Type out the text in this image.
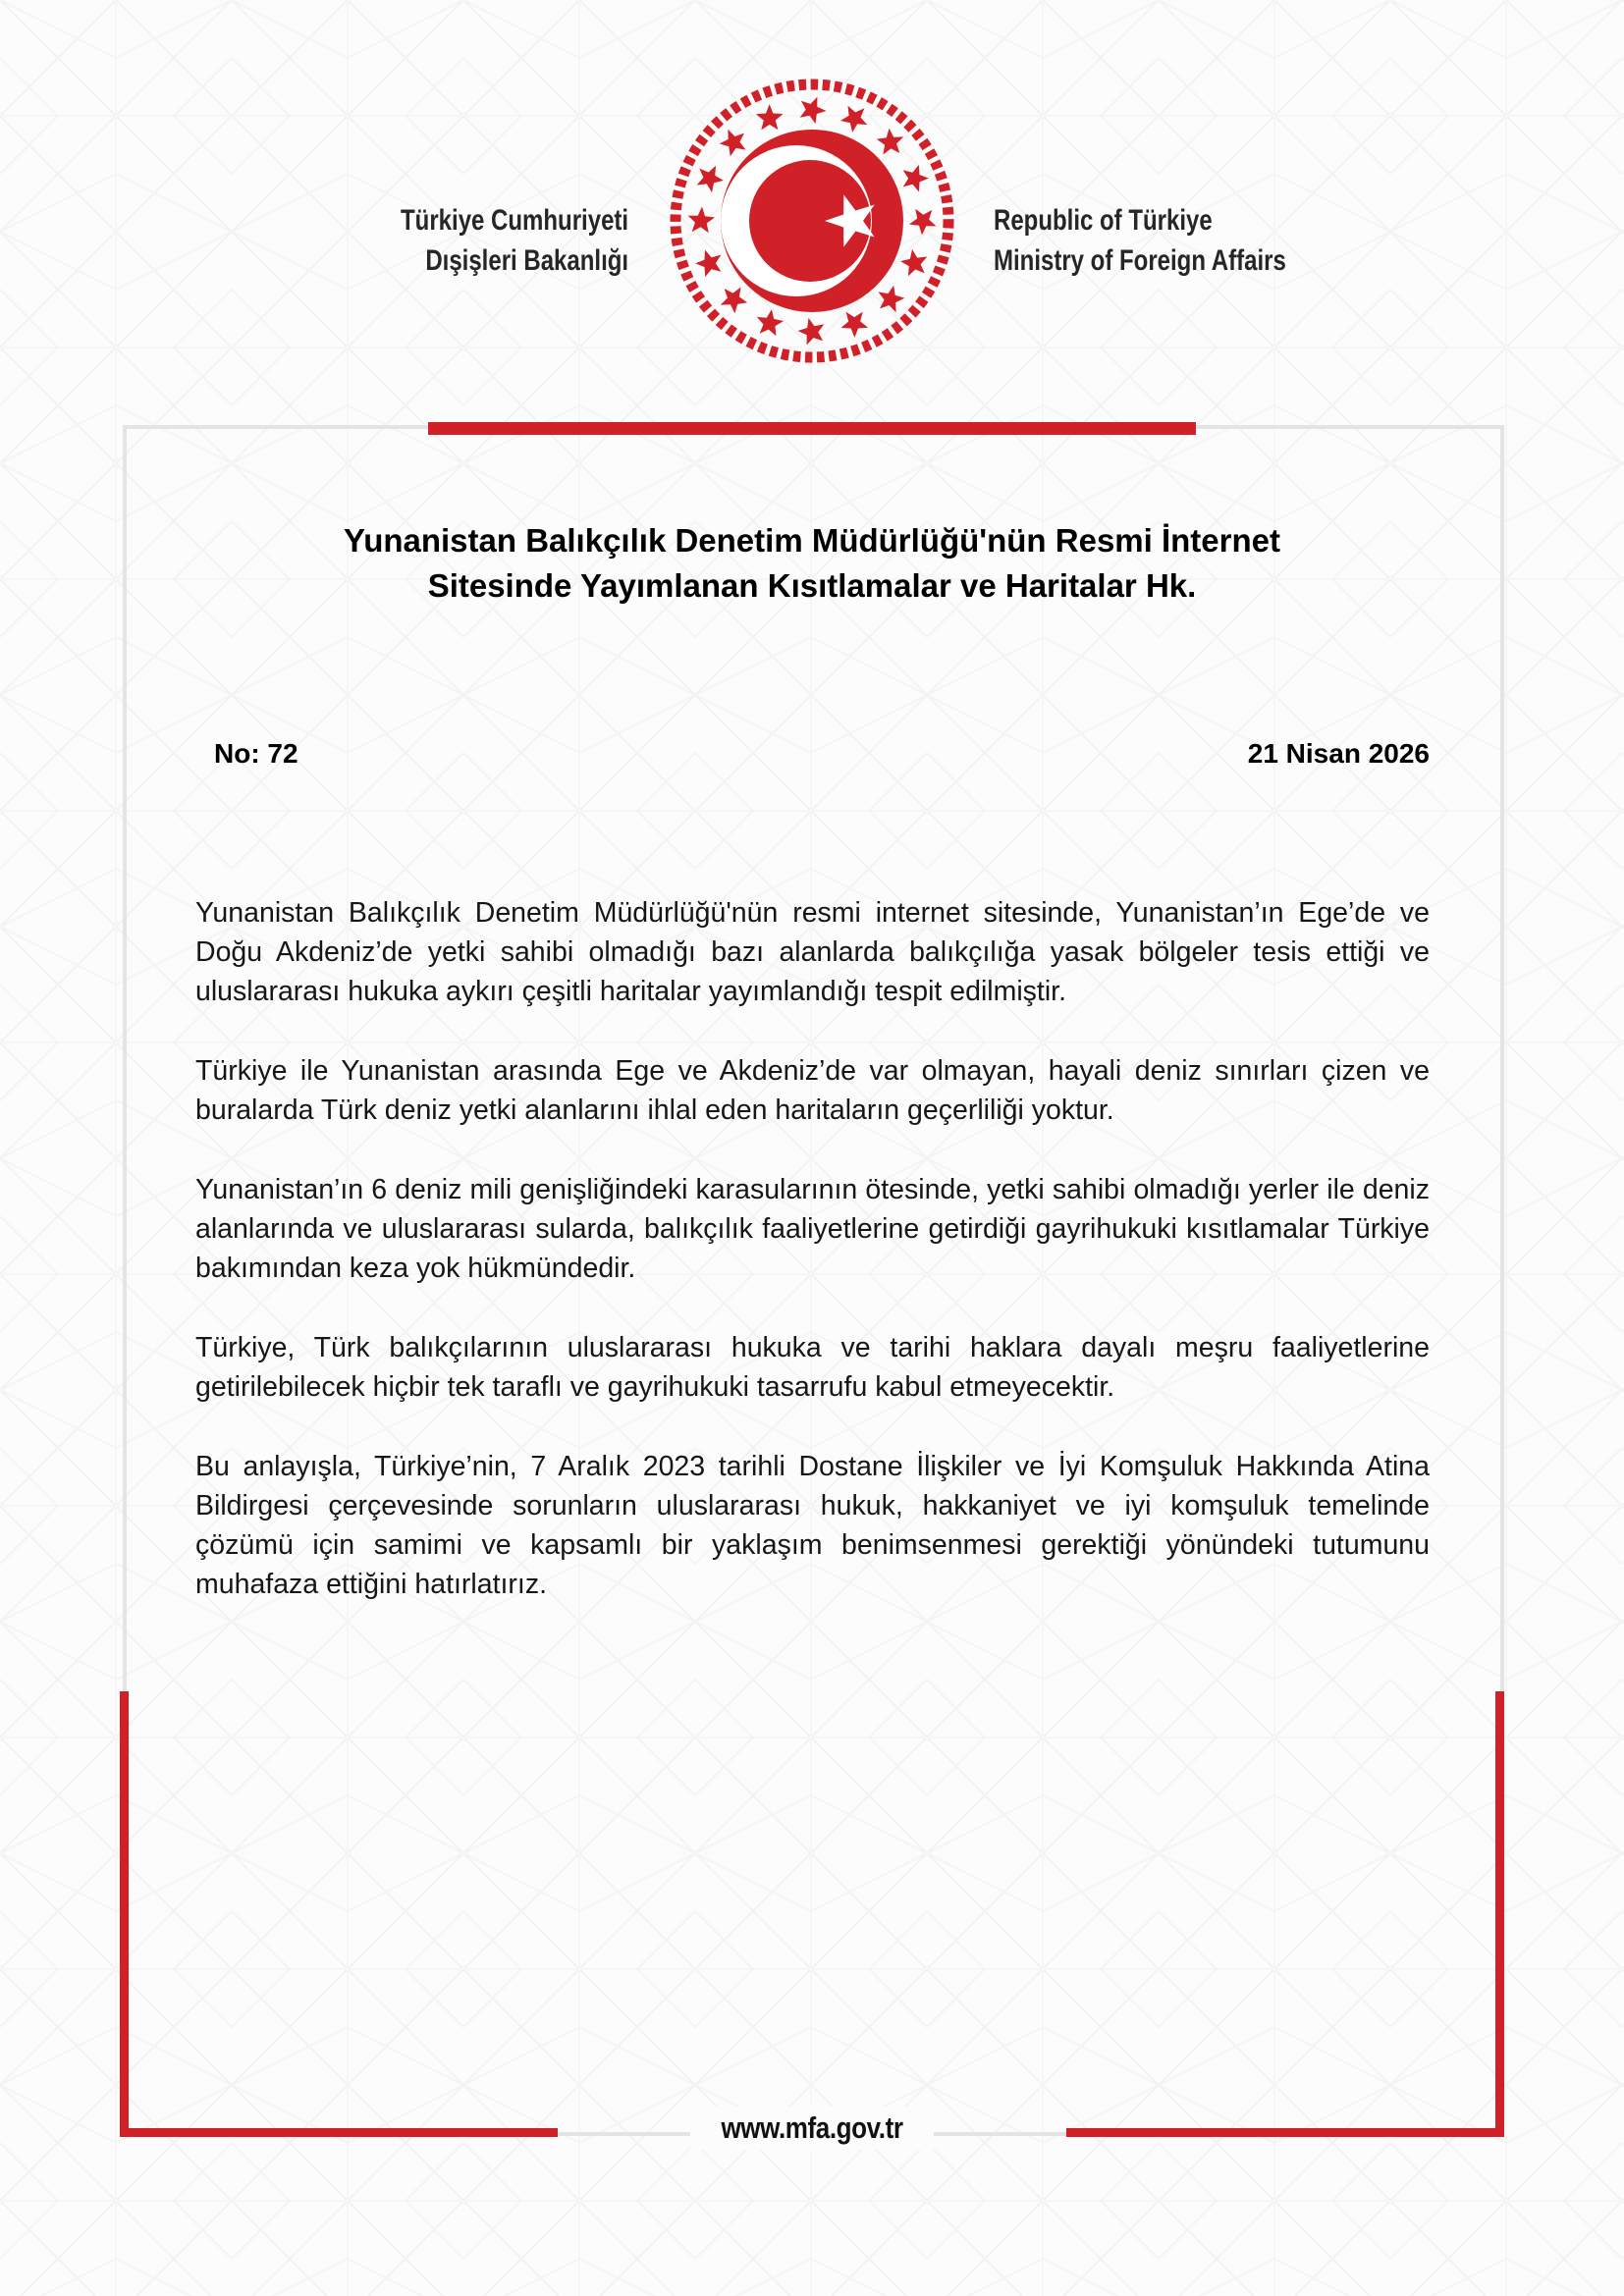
Türkiye Cumhuriyeti
Dışişleri Bakanlığı
Republic of Türkiye
Ministry of Foreign Affairs
Yunanistan Balıkçılık Denetim Müdürlüğü'nün Resmi İnternet
Sitesinde Yayımlanan Kısıtlamalar ve Haritalar Hk.
No: 72	21 Nisan 2026

Yunanistan Balıkçılık Denetim Müdürlüğü'nün resmi internet sitesinde, Yunanistan’ın Ege’de ve Doğu Akdeniz’de yetki sahibi olmadığı bazı alanlarda balıkçılığa yasak bölgeler tesis ettiği ve uluslararası hukuka aykırı çeşitli haritalar yayımlandığı tespit edilmiştir.

Türkiye ile Yunanistan arasında Ege ve Akdeniz’de var olmayan, hayali deniz sınırları çizen ve buralarda Türk deniz yetki alanlarını ihlal eden haritaların geçerliliği yoktur.

Yunanistan’ın 6 deniz mili genişliğindeki karasularının ötesinde, yetki sahibi olmadığı yerler ile deniz alanlarında ve uluslararası sularda, balıkçılık faaliyetlerine getirdiği gayrihukuki kısıtlamalar Türkiye bakımından keza yok hükmündedir.

Türkiye, Türk balıkçılarının uluslararası hukuka ve tarihi haklara dayalı meşru faaliyetlerine getirilebilecek hiçbir tek taraflı ve gayrihukuki tasarrufu kabul etmeyecektir.

Bu anlayışla, Türkiye’nin, 7 Aralık 2023 tarihli Dostane İlişkiler ve İyi Komşuluk Hakkında Atina Bildirgesi çerçevesinde sorunların uluslararası hukuk, hakkaniyet ve iyi komşuluk temelinde çözümü için samimi ve kapsamlı bir yaklaşım benimsenmesi gerektiği yönündeki tutumunu muhafaza ettiğini hatırlatırız.

www.mfa.gov.tr
